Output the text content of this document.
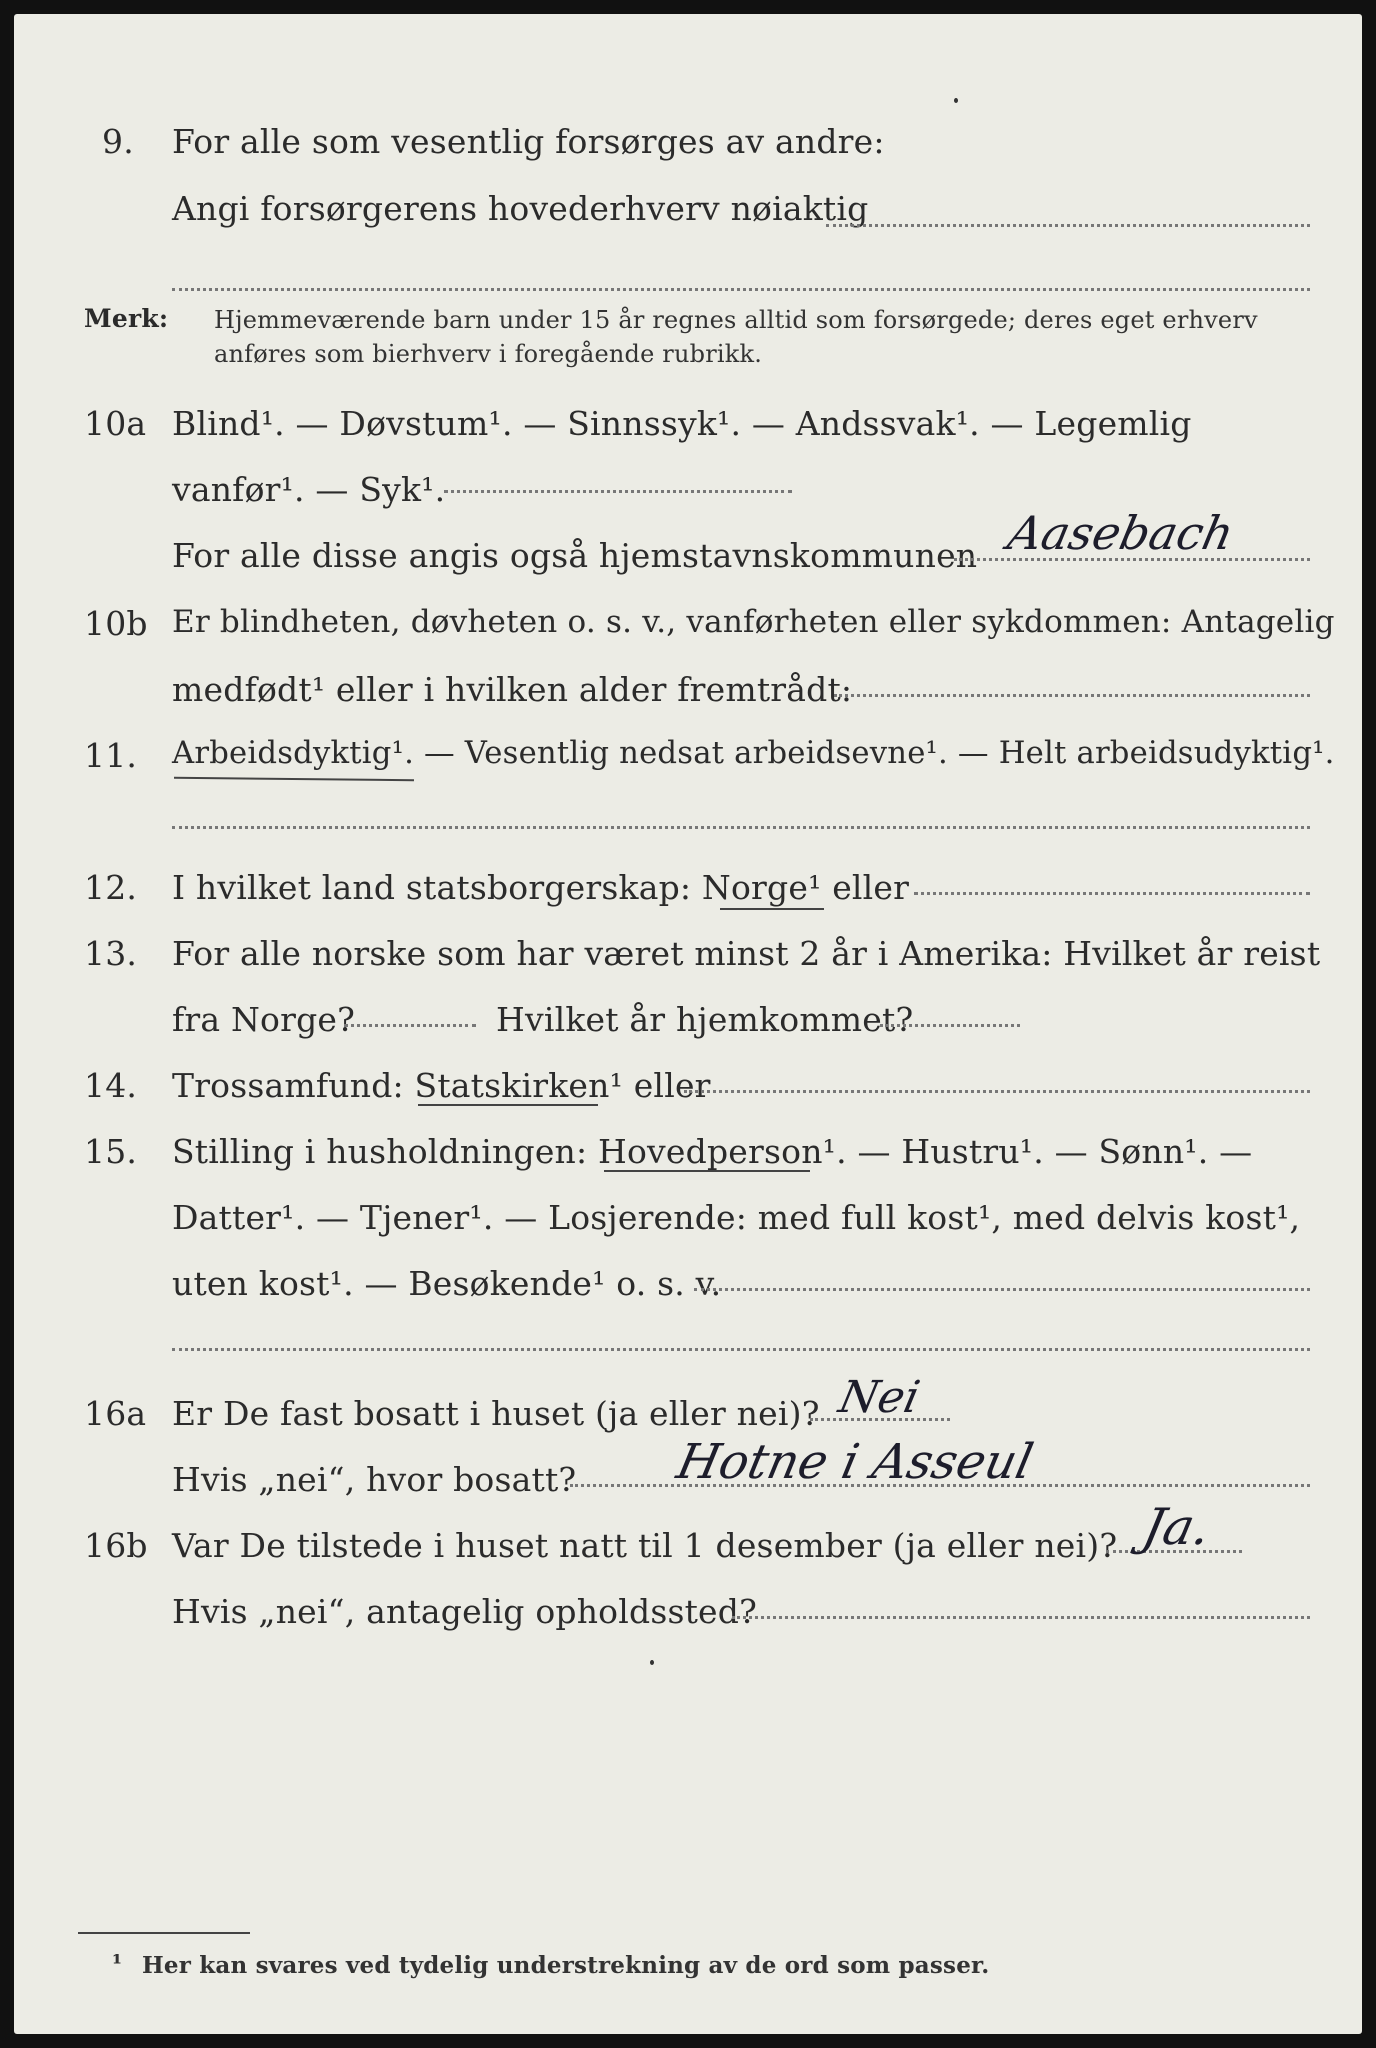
9. For alle som vesentlig forsørges av andre:
Angi forsørgerens hovederhverv nøiaktig
Merk: Hjemmeværende barn under 15 år regnes alltid som forsørgede; deres eget erhverv
anføres som bierhverv i foregående rubrikk.
10a Blind¹. — Døvstum¹. — Sinnssyk¹. — Andssvak¹. — Legemlig
vanfør¹. — Syk¹.
For alle disse angis også hjemstavnskommunen Aasebach
10b Er blindheten, døvheten o. s. v., vanførheten eller sykdommen: Antagelig
medfødt¹ eller i hvilken alder fremtrådt:
11. Arbeidsdyktig¹. — Vesentlig nedsat arbeidsevne¹. — Helt arbeidsudyktig¹.
12. I hvilket land statsborgerskap: Norge¹ eller
13. For alle norske som har været minst 2 år i Amerika: Hvilket år reist
fra Norge?	Hvilket år hjemkommet?
14. Trossamfund: Statskirken¹ eller
15. Stilling i husholdningen: Hovedperson¹. — Hustru¹. — Sønn¹. —
Datter¹. — Tjener¹. — Losjerende: med full kost¹, med delvis kost¹,
uten kost¹. — Besøkende¹ o. s. v.
16a Er De fast bosatt i huset (ja eller nei)? Nei
Hvis „nei“, hvor bosatt? Hotne i Asseul
16b Var De tilstede i huset natt til 1 desember (ja eller nei)? Ja.
Hvis „nei“, antagelig opholdssted?
¹ Her kan svares ved tydelig understrekning av de ord som passer.
